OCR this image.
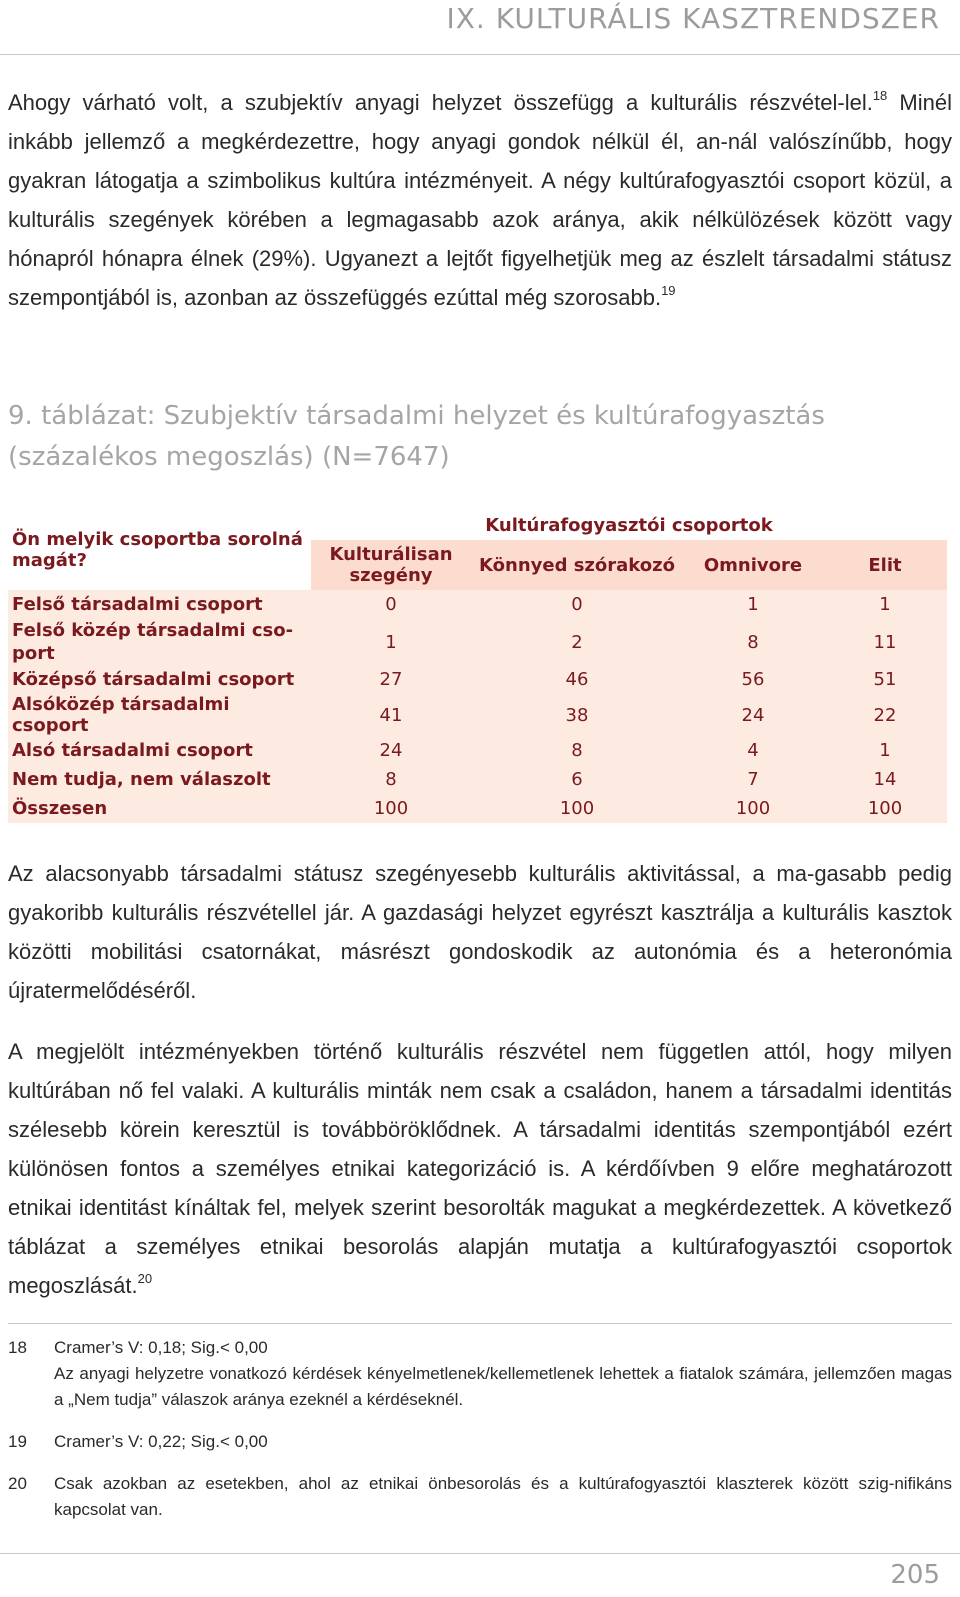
IX. KULTURÁLIS KASZTRENDSZER

Ahogy várható volt, a szubjektív anyagi helyzet összefügg a kulturális részvétel-lel.$^{18}$ Minél inkább jellemző a megkérdezettre, hogy anyagi gondok nélkül él, an-nál valószínűbb, hogy gyakran látogatja a szimbolikus kultúra intézményeit. A négy kultúrafogyasztói csoport közül, a kulturális szegények körében a legmagasabb azok aránya, akik nélkülözések között vagy hónapról hónapra élnek (29%). Ugyanezt a lejtőt figyelhetjük meg az észlelt társadalmi státusz szempontjából is, azonban az összefüggés ezúttal még szorosabb.$^{19}$

9. táblázat: Szubjektív társadalmi helyzet és kultúrafogyasztás (százalékos megoszlás) (N=7647)

Ön melyik csoportba sorolná magát?	Kultúrafogyasztói csoportok			
	Kulturálisan szegény	Könnyed szórakozó	Omnivore	Elit
Felső társadalmi csoport	0	0	1	1
Felső közép társadalmi cso-port	1	2	8	11
Középső társadalmi csoport	27	46	56	51
Alsóközép társadalmi csoport	41	38	24	22
Alsó társadalmi csoport	24	8	4	1
Nem tudja, nem válaszolt	8	6	7	14
Összesen	100	100	100	100

Az alacsonyabb társadalmi státusz szegényesebb kulturális aktivitással, a ma-gasabb pedig gyakoribb kulturális részvétellel jár. A gazdasági helyzet egyrészt kasztrálja a kulturális kasztok közötti mobilitási csatornákat, másrészt gondoskodik az autonómia és a heteronómia újratermelődéséről.

A megjelölt intézményekben történő kulturális részvétel nem független attól, hogy milyen kultúrában nő fel valaki. A kulturális minták nem csak a családon, hanem a társadalmi identitás szélesebb körein keresztül is továbböröklődnek. A társadalmi identitás szempontjából ezért különösen fontos a személyes etnikai kategorizáció is. A kérdőívben 9 előre meghatározott etnikai identitást kínáltak fel, melyek szerint besorolták magukat a megkérdezettek. A következő táblázat a személyes etnikai besorolás alapján mutatja a kultúrafogyasztói csoportok megoszlását.$^{20}$

18 Cramer’s V: 0,18; Sig.< 0,00
Az anyagi helyzetre vonatkozó kérdések kényelmetlenek/kellemetlenek lehettek a fiatalok számára, jellemzően magas a „Nem tudja” válaszok aránya ezeknél a kérdéseknél.
19 Cramer’s V: 0,22; Sig.< 0,00
20 Csak azokban az esetekben, ahol az etnikai önbesorolás és a kultúrafogyasztói klaszterek között szig-nifikáns kapcsolat van.
205
